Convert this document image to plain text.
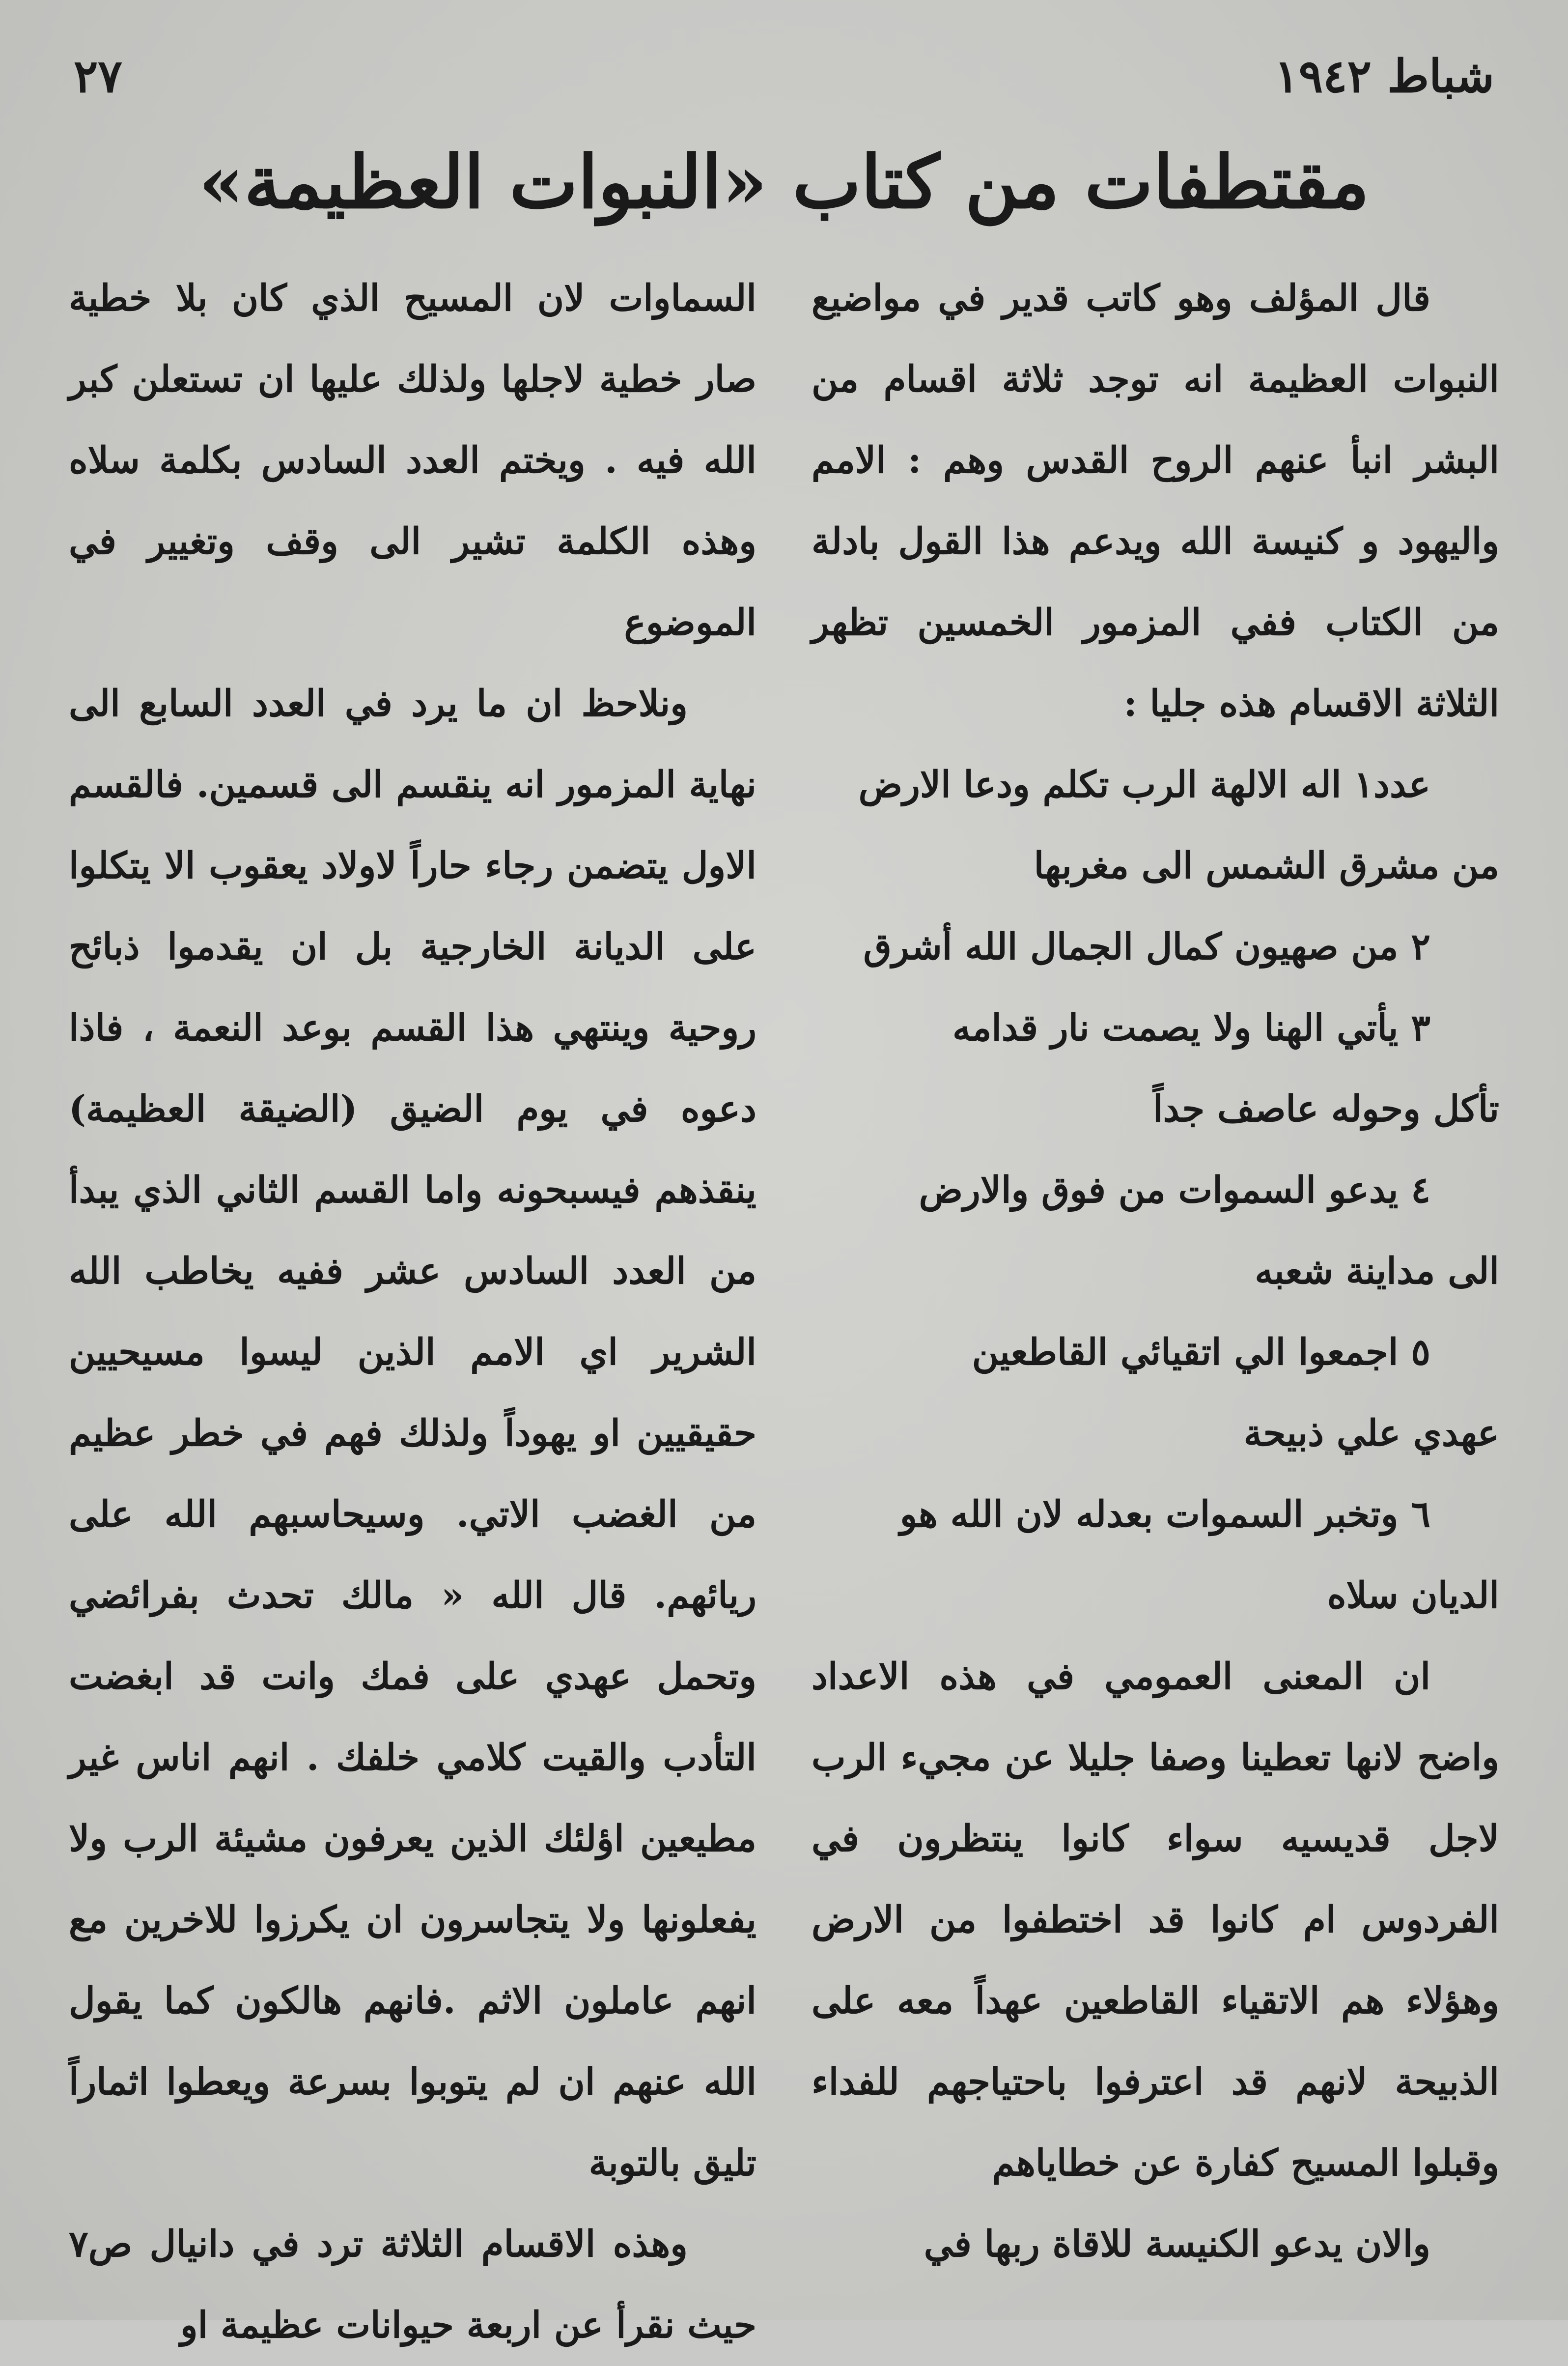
٢٧	شباط ١٩٤٢
مقتطفات من كتاب «النبوات العظيمة»

قال المؤلف وهو كاتب قدير في مواضيع النبوات العظيمة انه توجد ثلاثة اقسام من البشر انبأ عنهم الروح القدس وهم : الامم واليهود و كنيسة الله ويدعم هذا القول بادلة من الكتاب ففي المزمور الخمسين تظهر الثلاثة الاقسام هذه جليا :

عدد١ اله الالهة الرب تكلم ودعا الارض

من مشرق الشمس الى مغربها

٢ من صهيون كمال الجمال الله أشرق

٣ يأتي الهنا ولا يصمت نار قدامه

تأكل وحوله عاصف جداً

٤ يدعو السموات من فوق والارض

الى مداينة شعبه

٥ اجمعوا الي اتقيائي القاطعين

عهدي علي ذبيحة

٦ وتخبر السموات بعدله لان الله هو

الديان سلاه

ان المعنى العمومي في هذه الاعداد واضح لانها تعطينا وصفا جليلا عن مجيء الرب لاجل قديسيه سواء كانوا ينتظرون في الفردوس ام كانوا قد اختطفوا من الارض وهؤلاء هم الاتقياء القاطعين عهداً معه على الذبيحة لانهم قد اعترفوا باحتياجهم للفداء وقبلوا المسيح كفارة عن خطاياهم

والان يدعو الكنيسة للاقاة ربها في

السماوات لان المسيح الذي كان بلا خطية صار خطية لاجلها ولذلك عليها ان تستعلن كبر الله فيه . ويختم العدد السادس بكلمة سلاه وهذه الكلمة تشير الى وقف وتغيير في الموضوع

ونلاحظ ان ما يرد في العدد السابع الى نهاية المزمور انه ينقسم الى قسمين. فالقسم الاول يتضمن رجاء حاراً لاولاد يعقوب الا يتكلوا على الديانة الخارجية بل ان يقدموا ذبائح روحية وينتهي هذا القسم بوعد النعمة ، فاذا دعوه في يوم الضيق (الضيقة العظيمة) ينقذهم فيسبحونه واما القسم الثاني الذي يبدأ من العدد السادس عشر ففيه يخاطب الله الشرير اي الامم الذين ليسوا مسيحيين حقيقيين او يهوداً ولذلك فهم في خطر عظيم من الغضب الاتي. وسيحاسبهم الله على ريائهم. قال الله « مالك تحدث بفرائضي وتحمل عهدي على فمك وانت قد ابغضت التأدب والقيت كلامي خلفك . انهم اناس غير مطيعين اؤلئك الذين يعرفون مشيئة الرب ولا يفعلونها ولا يتجاسرون ان يكرزوا للاخرين مع انهم عاملون الاثم .فانهم هالكون كما يقول الله عنهم ان لم يتوبوا بسرعة ويعطوا اثماراً تليق بالتوبة

وهذه الاقسام الثلاثة ترد في دانيال ص٧ حيث نقرأ عن اربعة حيوانات عظيمة او
